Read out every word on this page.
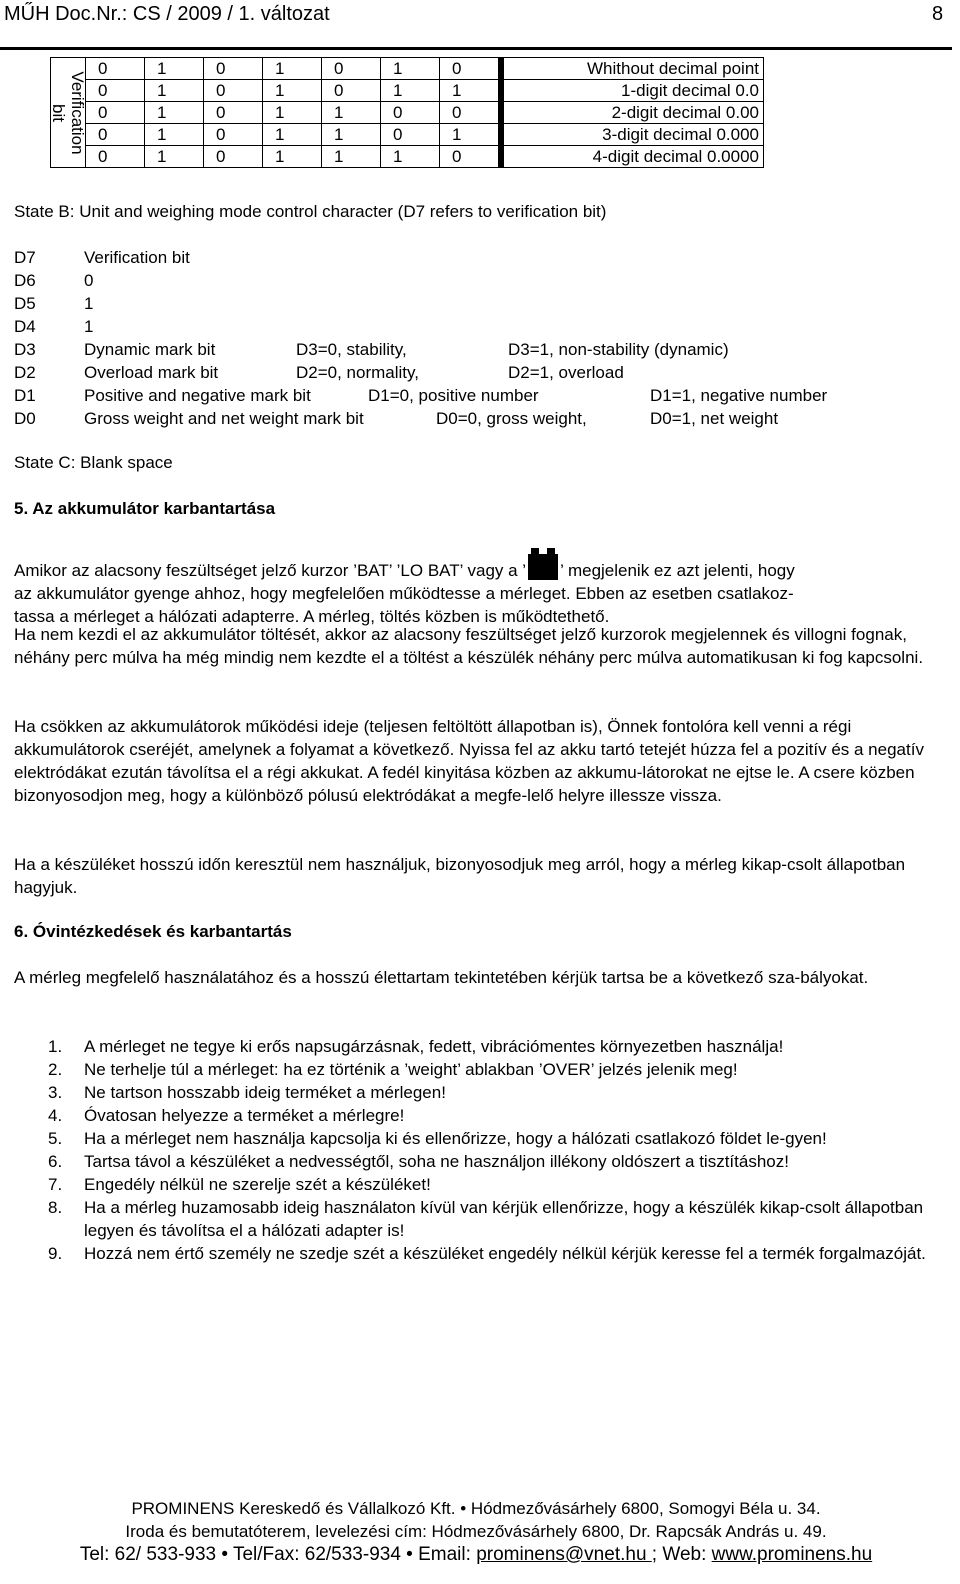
MŰH Doc.Nr.: CS / 2009 / 1. változat	8
Verification
bit	0	1	0	1	0	1	0		Whithout decimal point
	0	1	0	1	0	1	1		1-digit decimal 0.0
	0	1	0	1	1	0	0		2-digit decimal 0.00
	0	1	0	1	1	0	1		3-digit decimal 0.000
	0	1	0	1	1	1	0		4-digit decimal 0.0000
State B: Unit and weighing mode control character (D7 refers to verification bit)
D7	Verification bit
D6	0
D5	1
D4	1
D3	Dynamic mark bit	D3=0, stability,	D3=1, non-stability (dynamic)
D2	Overload mark bit	D2=0, normality,	D2=1, overload
D1	Positive and negative mark bit	D1=0, positive number	D1=1, negative number
D0	Gross weight and net weight mark bit	D0=0, gross weight,	D0=1, net weight
State C: Blank space
5. Az akkumulátor karbantartása
Amikor az alacsony feszültséget jelző kurzor ’BAT’ ’LO BAT’ vagy a ’ ’ megjelenik ez azt jelenti, hogy
az akkumulátor gyenge ahhoz, hogy megfelelően működtesse a mérleget. Ebben az esetben csatlakoz-
tassa a mérleget a hálózati adapterre. A mérleg, töltés közben is működtethető.
Ha nem kezdi el az akkumulátor töltését, akkor az alacsony feszültséget jelző kurzorok megjelennek és villogni fognak, néhány perc múlva ha még mindig nem kezdte el a töltést a készülék néhány perc múlva automatikusan ki fog kapcsolni.
Ha csökken az akkumulátorok működési ideje (teljesen feltöltött állapotban is), Önnek fontolóra kell venni a régi akkumulátorok cseréjét, amelynek a folyamat a következő. Nyissa fel az akku tartó tetejét húzza fel a pozitív és a negatív elektródákat ezután távolítsa el a régi akkukat. A fedél kinyitása közben az akkumu-látorokat ne ejtse le. A csere közben bizonyosodjon meg, hogy a különböző pólusú elektródákat a megfe-lelő helyre illessze vissza.
Ha a készüléket hosszú időn keresztül nem használjuk, bizonyosodjuk meg arról, hogy a mérleg kikap-csolt állapotban hagyjuk.
6. Óvintézkedések és karbantartás
A mérleg megfelelő használatához és a hosszú élettartam tekintetében kérjük tartsa be a következő sza-bályokat.
1. A mérleget ne tegye ki erős napsugárzásnak, fedett, vibrációmentes környezetben használja!
2. Ne terhelje túl a mérleget: ha ez történik a ’weight’ ablakban ’OVER’ jelzés jelenik meg!
3. Ne tartson hosszabb ideig terméket a mérlegen!
4. Óvatosan helyezze a terméket a mérlegre!
5. Ha a mérleget nem használja kapcsolja ki és ellenőrizze, hogy a hálózati csatlakozó földet le-gyen!
6. Tartsa távol a készüléket a nedvességtől, soha ne használjon illékony oldószert a tisztításhoz!
7. Engedély nélkül ne szerelje szét a készüléket!
8. Ha a mérleg huzamosabb ideig használaton kívül van kérjük ellenőrizze, hogy a készülék kikap-csolt állapotban legyen és távolítsa el a hálózati adapter is!
9. Hozzá nem értő személy ne szedje szét a készüléket engedély nélkül kérjük keresse fel a termék forgalmazóját.
PROMINENS Kereskedő és Vállalkozó Kft. • Hódmezővásárhely 6800, Somogyi Béla u. 34.
Iroda és bemutatóterem, levelezési cím: Hódmezővásárhely 6800, Dr. Rapcsák András u. 49.
Tel: 62/ 533-933 • Tel/Fax: 62/533-934 • Email: prominens@vnet.hu ; Web: www.prominens.hu
